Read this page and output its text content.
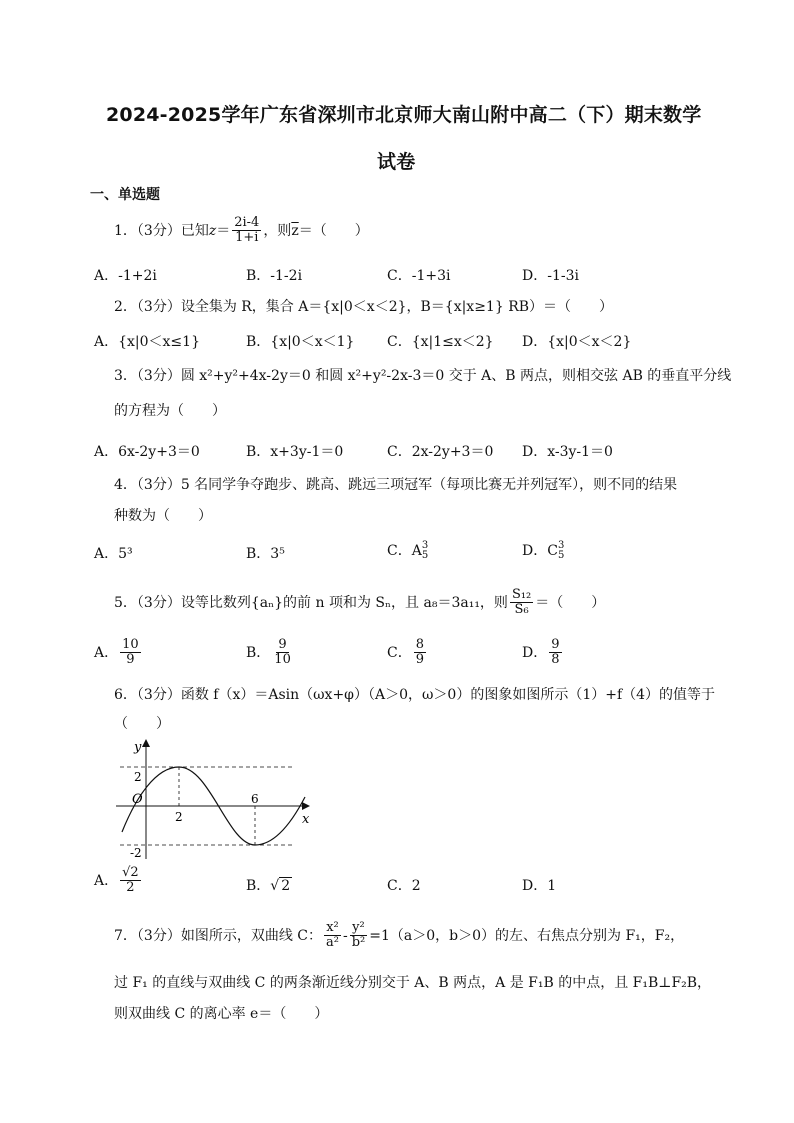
2024-2025学年广东省深圳市北京师大南山附中高二（下）期末数学
试卷
一、单选题
1．（3分）已知$z= \frac{2i-4}{1+i}$ ，则$\overline{z}=$（　　）
A．-1+2i	B．-1-2i	C．-1+3i	D．-1-3i
2．（3分）设全集为 R，集合 A＝{x|0＜x＜2}，B＝{x|x≥1} RB）＝（　　）
A．{x|0＜x≤1}	B．{x|0＜x＜1} C．{x|1≤x＜2} D．{x|0＜x＜2}
3．（3分）圆 x²+y²+4x-2y＝0 和圆 x²+y²-2x-3＝0 交于 A、B 两点，则相交弦 AB 的垂直平分线
的方程为（　　）
A．6x-2y+3＝0	B．x+3y-1＝0	C．2x-2y+3＝0 D．x-3y-1＝0
4．（3分）5 名同学争夺跑步、跳高、跳远三项冠军（每项比赛无并列冠军），则不同的结果
种数为（　　）
A．5³	B．3⁵	C．A 3
5	D．C 3
5
5．（3分）设等比数列{aₙ}的前 n 项和为 Sₙ，且 a₈＝3a₁₁，则 $\frac{\text{S₁₂}}{\text{S₆}}$ ＝（　　）
A． $\frac{10}{9}$	B． $\frac{9}{10}$	C． $\frac{8}{9}$	D． $\frac{9}{8}$
6．（3分）函数 f（x）＝Asin（ωx+φ）（A＞0，ω＞0）的图象如图所示（1）+f（4）的值等于
（　　）
y
x
O
2
-2
2
6
A． $\frac{√2}{2}$	B．√ 2	C．2	D．1
7．（3分）如图所示，双曲线 C： $\frac{\text{x²}}{\text{a²}} - \frac{\text{y²}}{\text{b²}} =1(a>0$，b＞0）的左、右焦点分别为 F₁，F₂，
过 F₁ 的直线与双曲线 C 的两条渐近线分别交于 A、B 两点，A 是 F₁B 的中点，且 F₁B⊥F₂B，
则双曲线 C 的离心率 e＝（　　）
